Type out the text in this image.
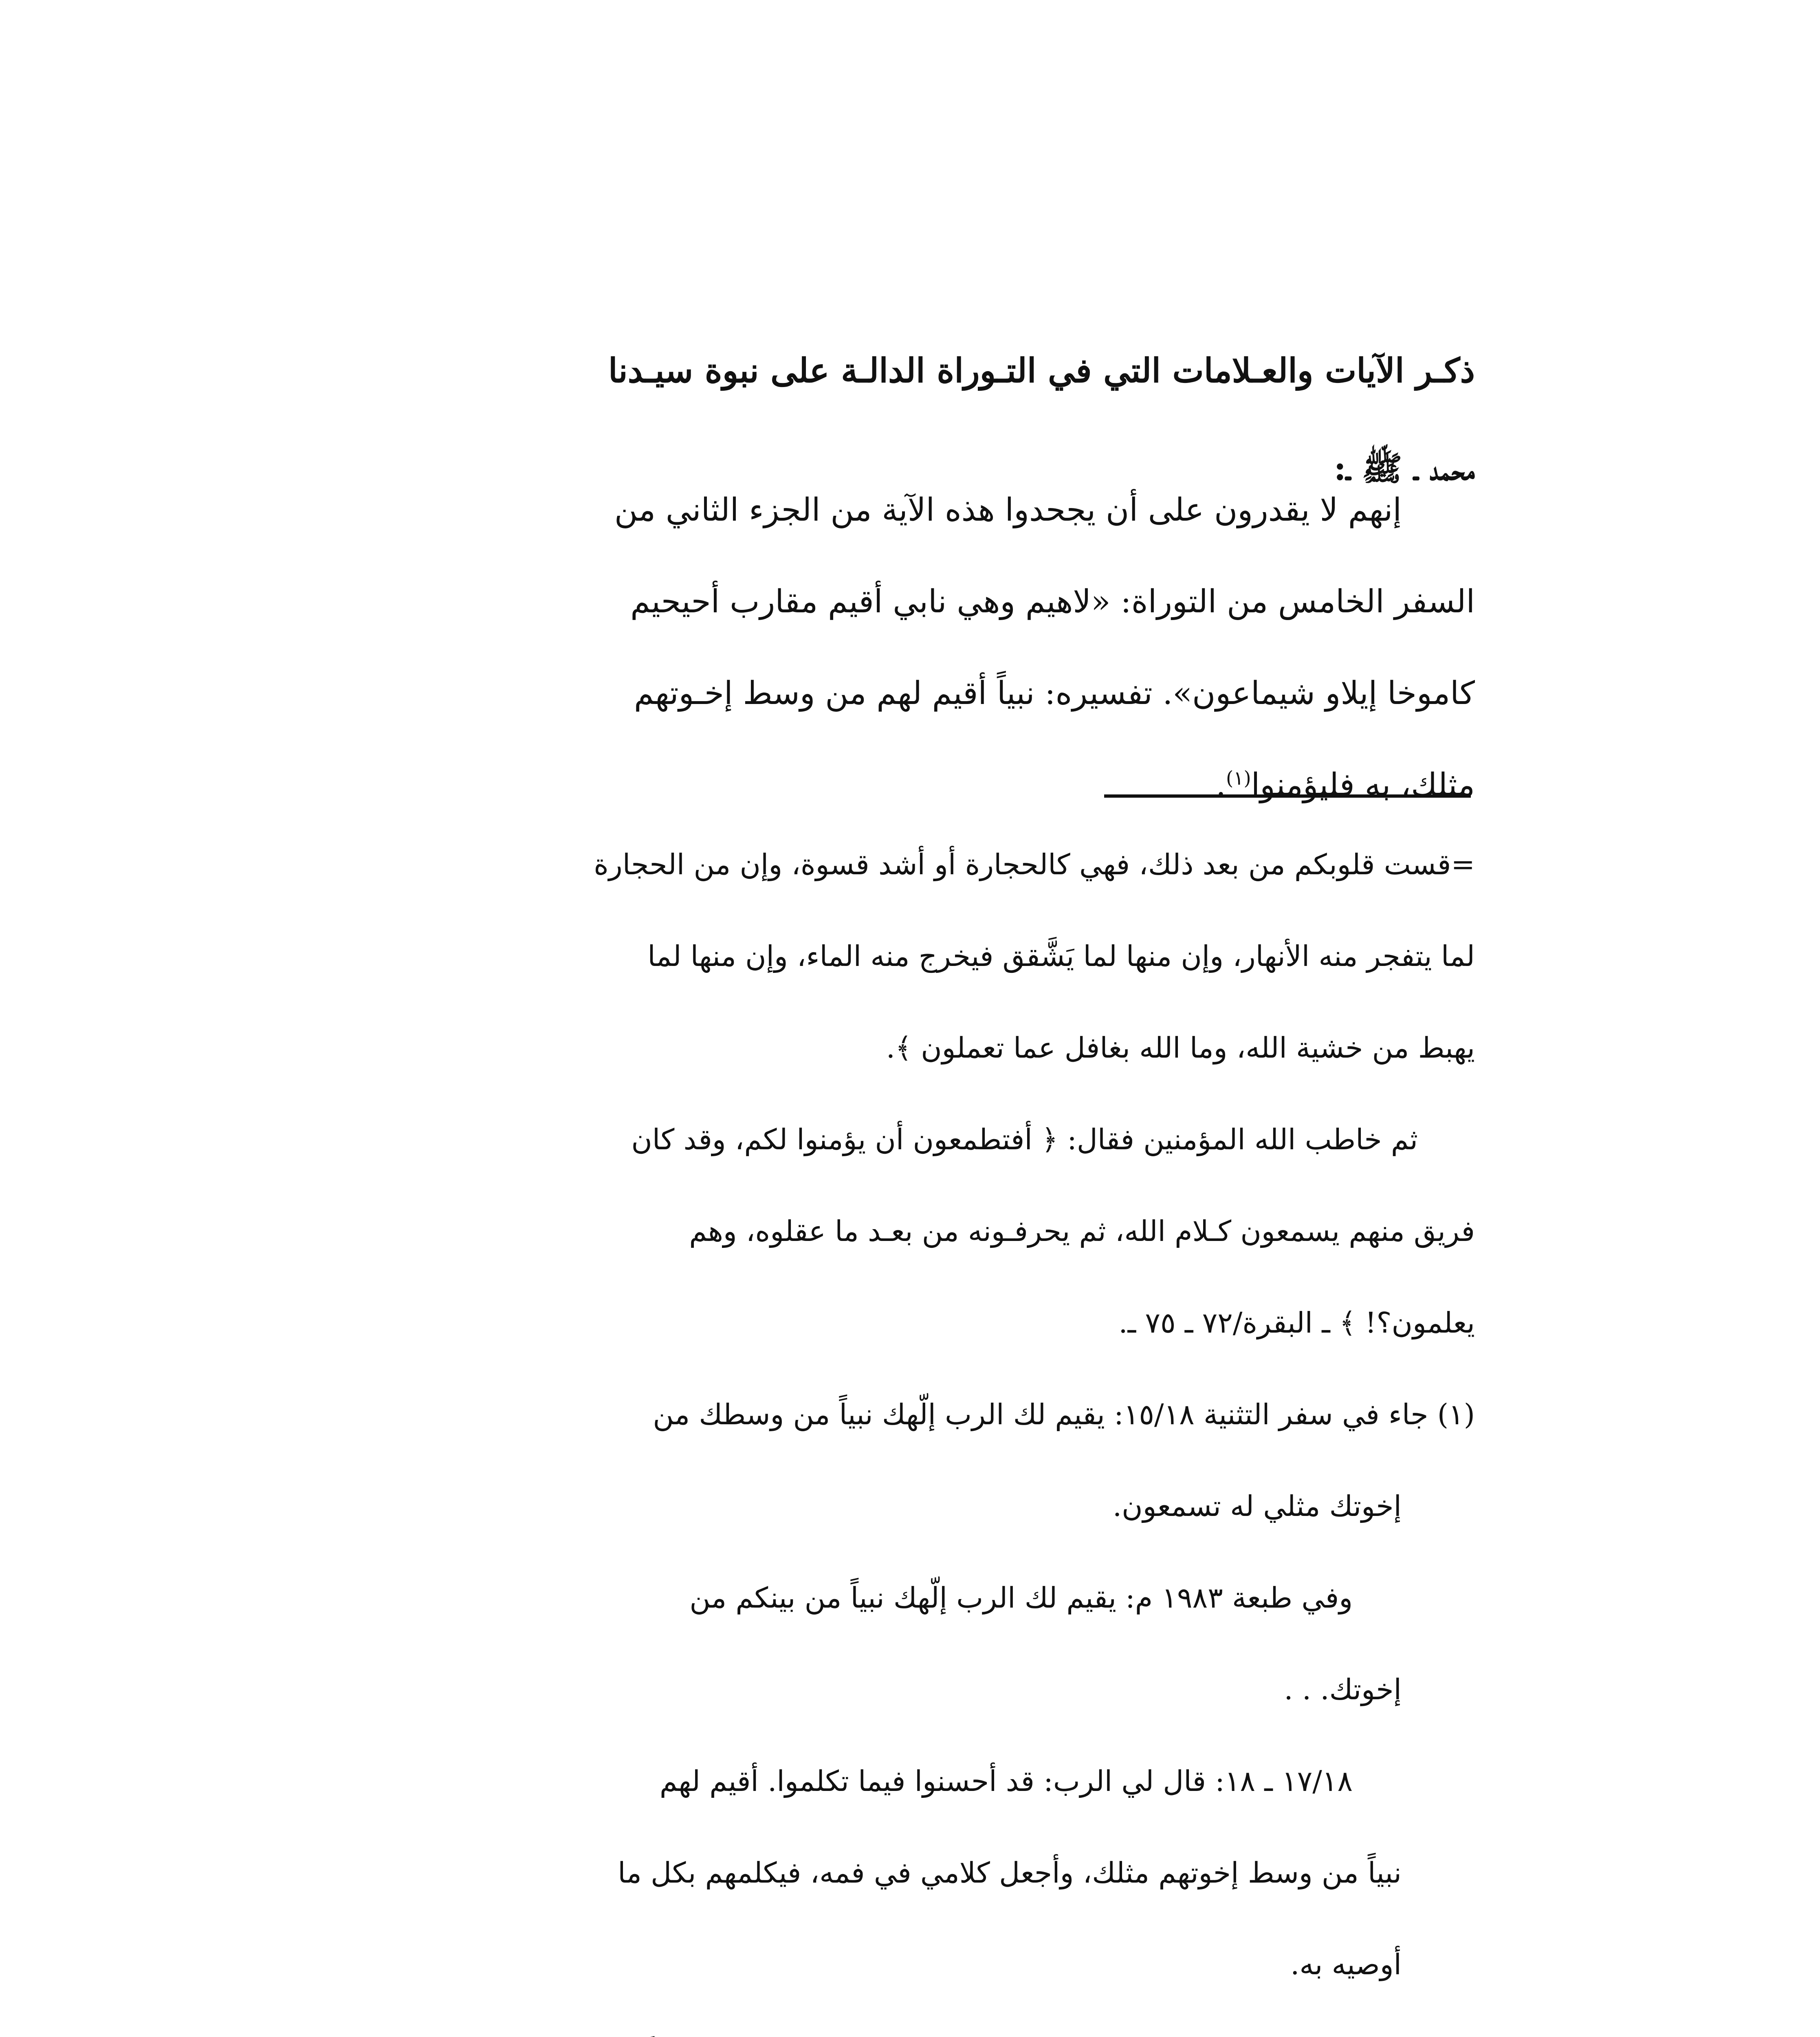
ذكـر الآيات والعـلامات التي في التـوراة الدالـة على نبوة سيـدنا
محمد ـ ﷺ ـ:
إنهم لا يقدرون على أن يجحدوا هذه الآية من الجزء الثاني من
السفر الخامس من التوراة: «لاهيم وهي نابي أقيم مقارب أحيحيم
كاموخا إيلاو شيماعون». تفسيره: نبياً أقيم لهم من وسط إخـوتهم
مثلك، به فليؤمنوا$^{(١)}$.
=قست قلوبكم من بعد ذلك، فهي كالحجارة أو أشد قسوة، وإن من الحجارة
لما يتفجر منه الأنهار، وإن منها لما يَشَّقق فيخرج منه الماء، وإن منها لما
يهبط من خشية الله، وما الله بغافل عما تعملون ﴾.
ثم خاطب الله المؤمنين فقال: ﴿ أفتطمعون أن يؤمنوا لكم، وقد كان
فريق منهم يسمعون كـلام الله، ثم يحرفـونه من بعـد ما عقلوه، وهم
يعلمون؟! ﴾ ـ البقرة/٧٢ ـ ٧٥ ـ.
(١) جاء في سفر التثنية ١٥/١٨: يقيم لك الرب إلّهك نبياً من وسطك من
إخوتك مثلي له تسمعون.
وفي طبعة ١٩٨٣ م: يقيم لك الرب إلّهك نبياً من بينكم من
إخوتك. . .
١٧/١٨ ـ ١٨: قال لي الرب: قد أحسنوا فيما تكلموا. أقيم لهم
نبياً من وسط إخوتهم مثلك، وأجعل كلامي في فمه، فيكلمهم بكل ما
أوصيه به.
